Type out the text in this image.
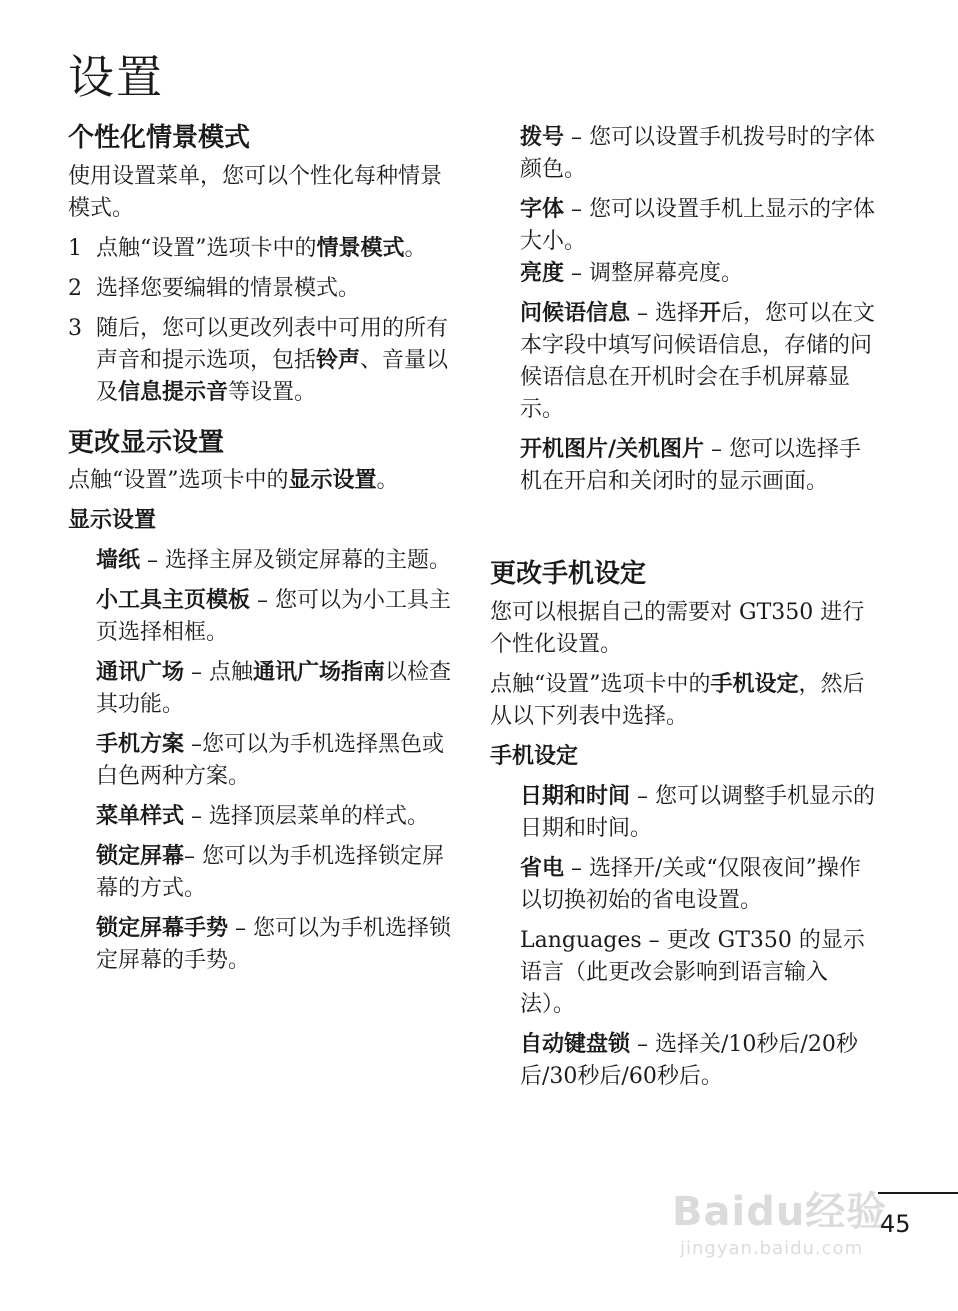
设置
个性化情景模式

使用设置菜单，您可以个性化每种情景模式。

1 点触“设置”选项卡中的情景模式。
2 选择您要编辑的情景模式。
3 随后，您可以更改列表中可用的所有声音和提示选项，包括铃声、音量以及信息提示音等设置。
更改显示设置

点触“设置”选项卡中的显示设置。

显示设置

墙纸 – 选择主屏及锁定屏幕的主题。

小工具主页模板 – 您可以为小工具主页选择相框。

通讯广场 – 点触通讯广场指南以检查其功能。

手机方案 –您可以为手机选择黑色或白色两种方案。

菜单样式 – 选择顶层菜单的样式。

锁定屏幕– 您可以为手机选择锁定屏幕的方式。

锁定屏幕手势 – 您可以为手机选择锁定屏幕的手势。

拨号 – 您可以设置手机拨号时的字体颜色。

字体 – 您可以设置手机上显示的字体大小。

亮度 – 调整屏幕亮度。

问候语信息 – 选择开后，您可以在文本字段中填写问候语信息，存储的问候语信息在开机时会在手机屏幕显示。

开机图片/关机图片 – 您可以选择手机在开启和关闭时的显示画面。

更改手机设定

您可以根据自己的需要对 GT350 进行个性化设置。

点触“设置”选项卡中的手机设定，然后从以下列表中选择。

手机设定

日期和时间 – 您可以调整手机显示的日期和时间。

省电 – 选择开/关或“仅限夜间”操作以切换初始的省电设置。

Languages – 更改 GT350 的显示语言（此更改会影响到语言输入法）。

自动键盘锁 – 选择关/10秒后/20秒后/30秒后/60秒后。

Baidu经验
jingyan.baidu.com
45
